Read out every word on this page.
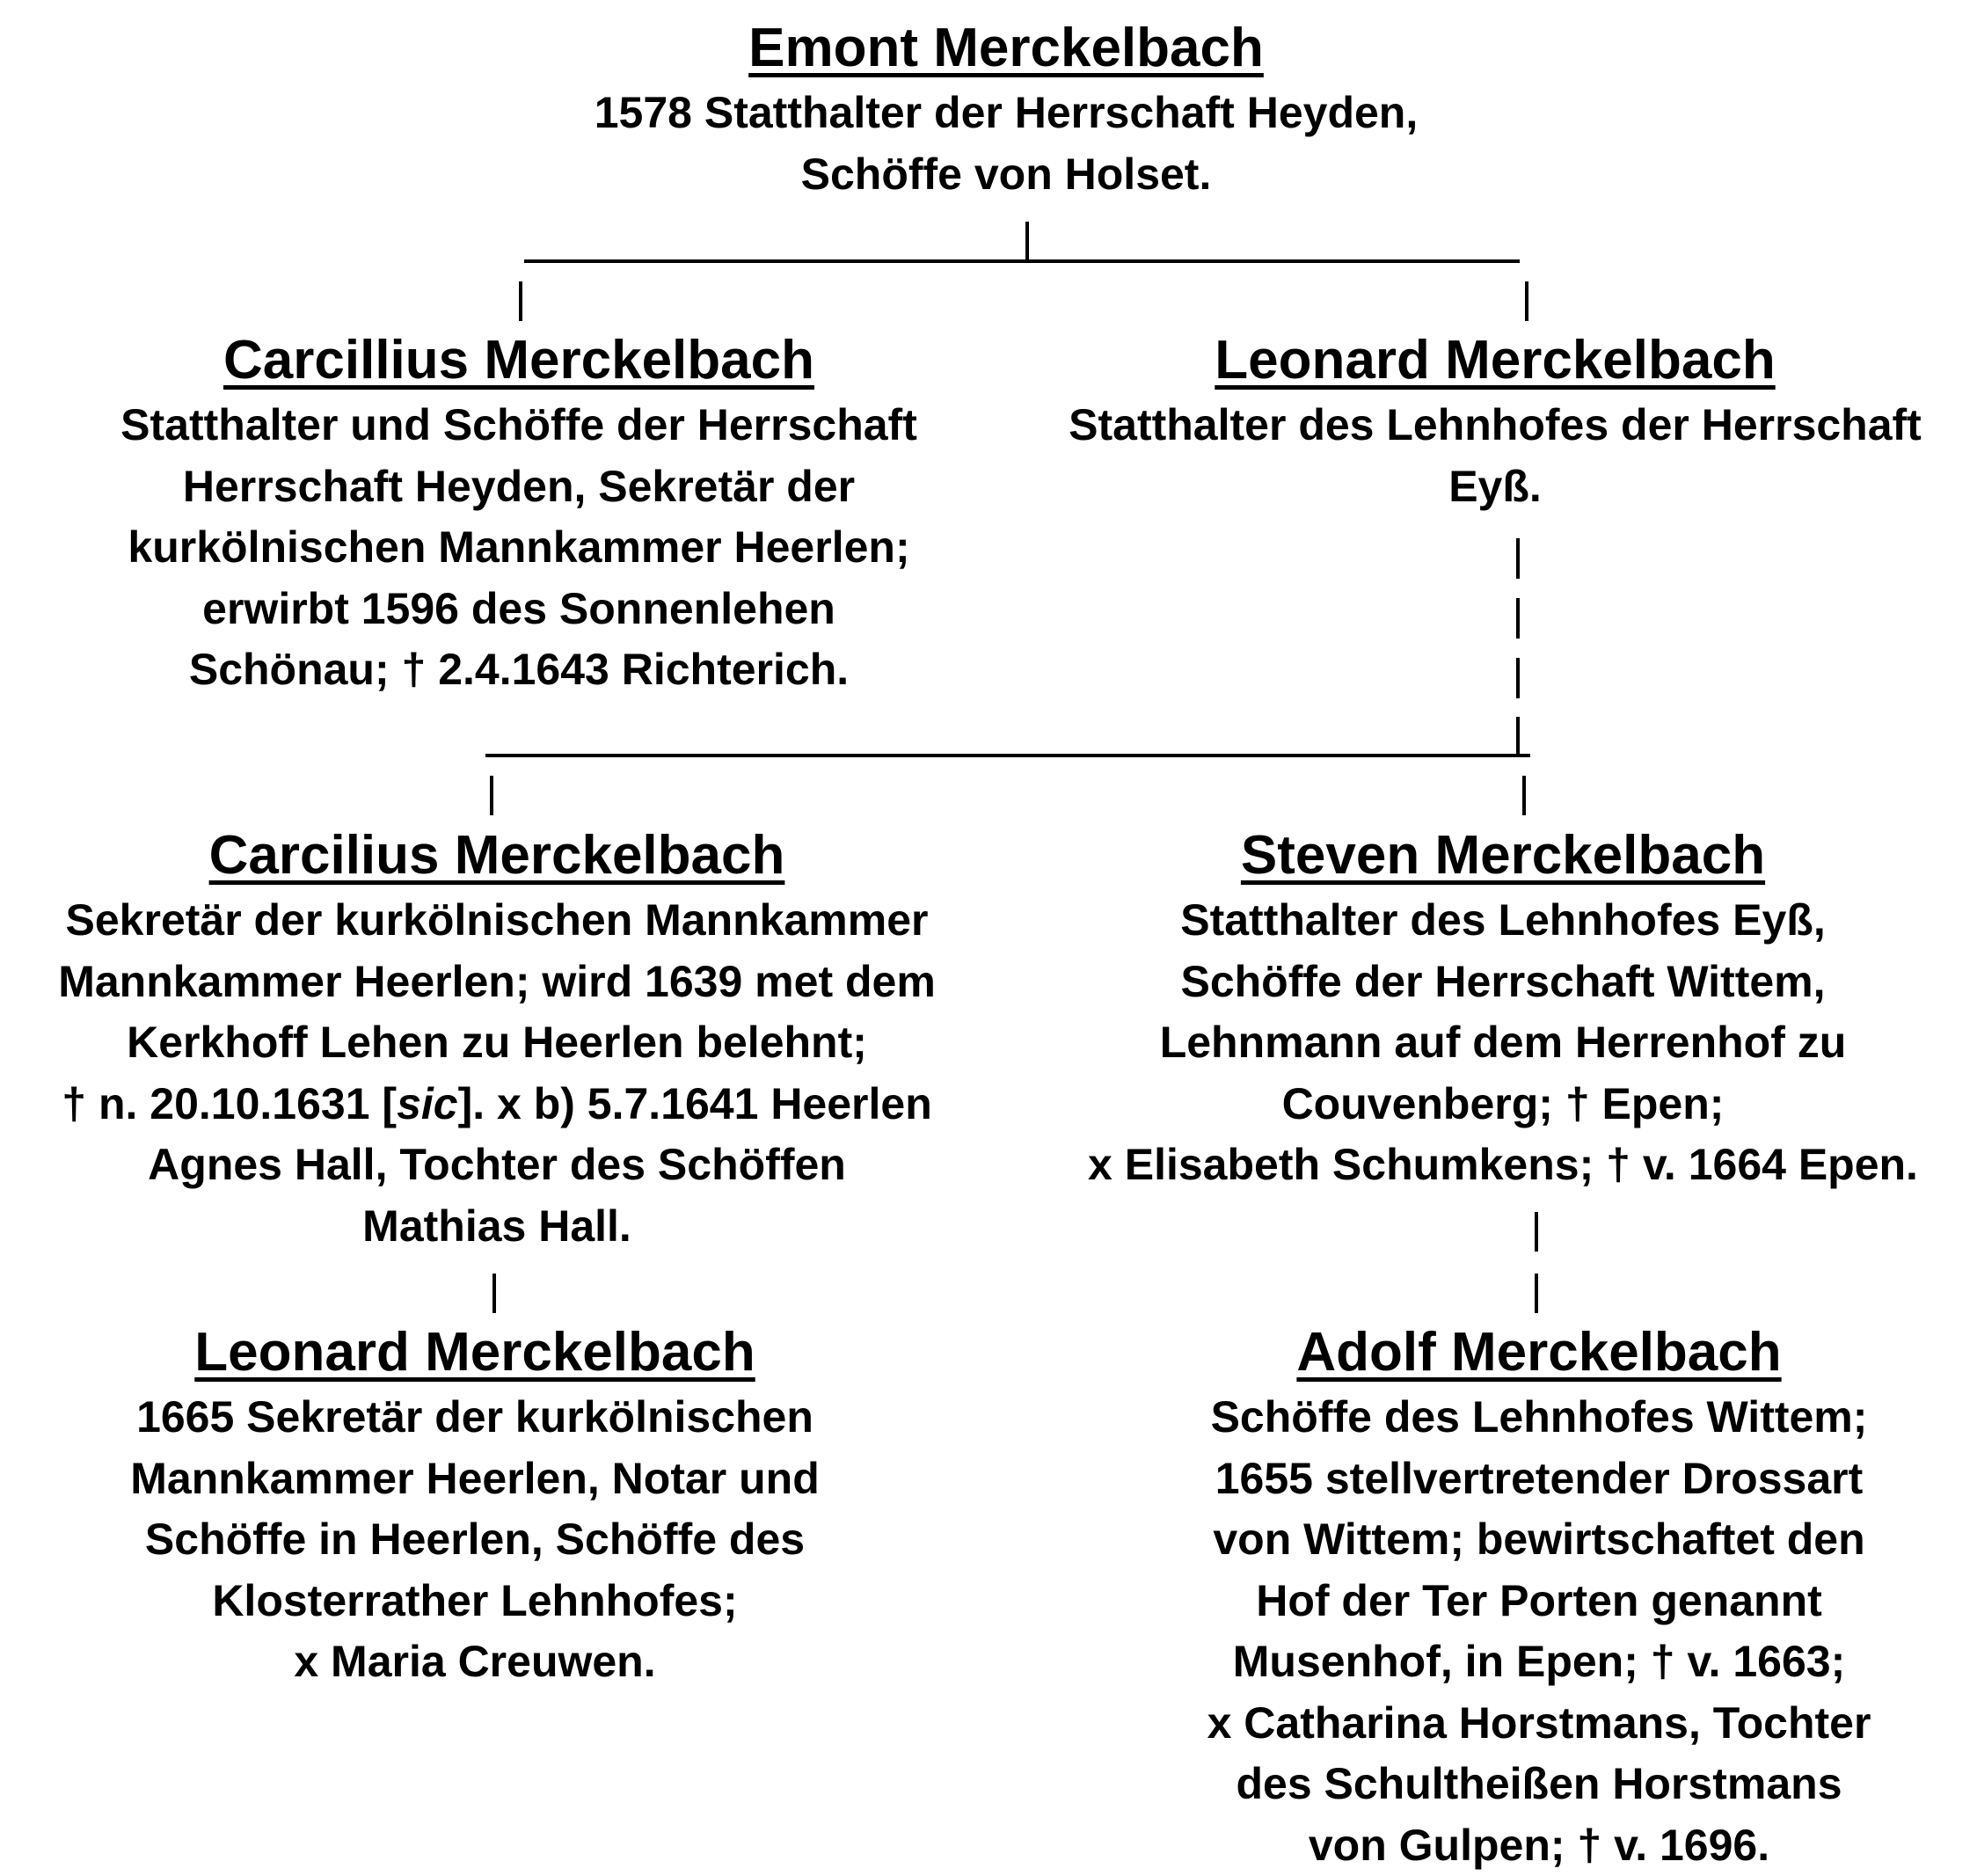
Emont Merckelbach
1578 Statthalter der Herrschaft Heyden,
Schöffe von Holset.
Carcillius Merckelbach
Statthalter und Schöffe der Herrschaft
Herrschaft Heyden, Sekretär der
kurkölnischen Mannkammer Heerlen;
erwirbt 1596 des Sonnenlehen
Schönau; † 2.4.1643 Richterich.
Leonard Merckelbach
Statthalter des Lehnhofes der Herrschaft
Eyß.
Carcilius Merckelbach
Sekretär der kurkölnischen Mannkammer
Mannkammer Heerlen; wird 1639 met dem
Kerkhoff Lehen zu Heerlen belehnt;
† n. 20.10.1631 [sic]. x b) 5.7.1641 Heerlen
Agnes Hall, Tochter des Schöffen
Mathias Hall.
Steven Merckelbach
Statthalter des Lehnhofes Eyß,
Schöffe der Herrschaft Wittem,
Lehnmann auf dem Herrenhof zu
Couvenberg; † Epen;
x Elisabeth Schumkens; † v. 1664 Epen.
Leonard Merckelbach
1665 Sekretär der kurkölnischen
Mannkammer Heerlen, Notar und
Schöffe in Heerlen, Schöffe des
Klosterrather Lehnhofes;
x Maria Creuwen.
Adolf Merckelbach
Schöffe des Lehnhofes Wittem;
1655 stellvertretender Drossart
von Wittem; bewirtschaftet den
Hof der Ter Porten genannt
Musenhof, in Epen; † v. 1663;
x Catharina Horstmans, Tochter
des Schultheißen Horstmans
von Gulpen; † v. 1696.
